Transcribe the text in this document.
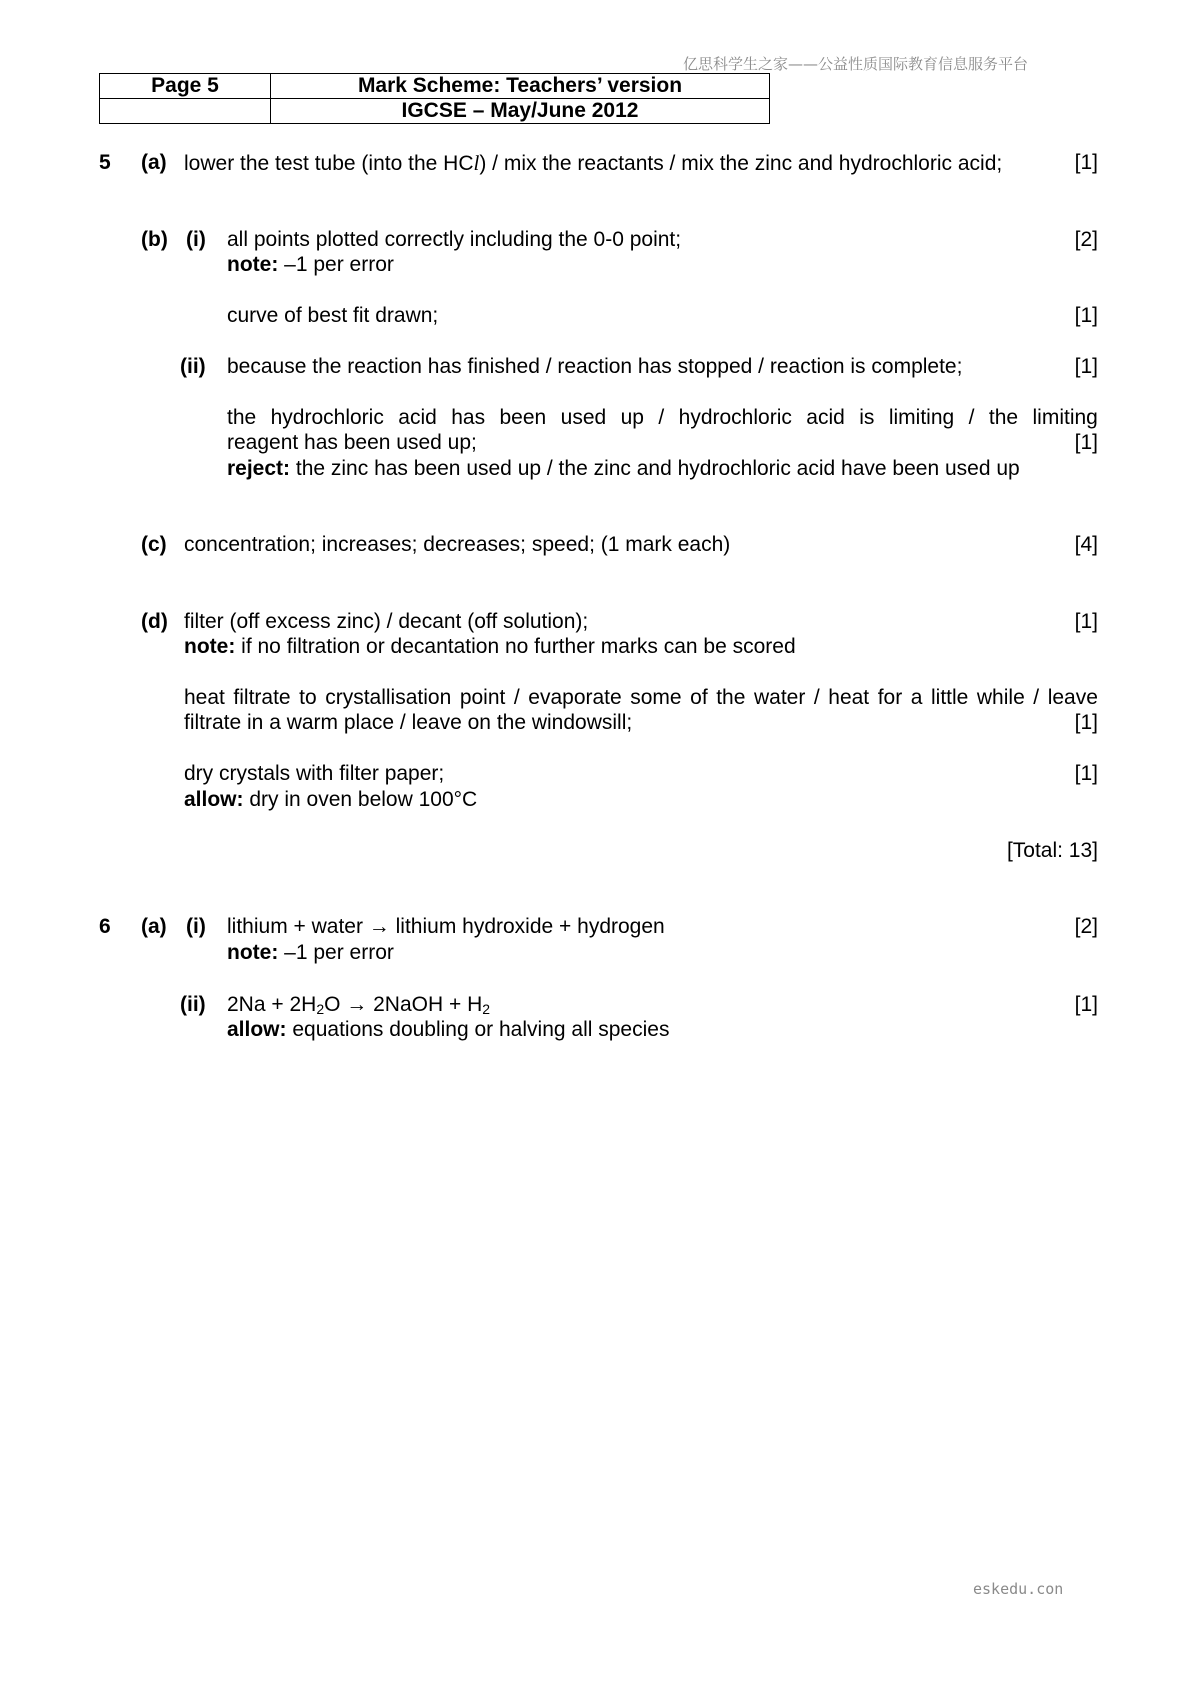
亿思科学生之家——公益性质国际教育信息服务平台
Page 5	Mark Scheme: Teachers’ version
	IGCSE – May/June 2012
5 (a) lower the test tube (into the HCl) / mix the reactants / mix the zinc and hydrochloric acid;	[1]
(b) (i) all points plotted correctly including the 0-0 point;	[2]
note: –1 per error
curve of best fit drawn;	[1]
(ii) because the reaction has finished / reaction has stopped / reaction is complete;	[1]
the hydrochloric acid has been used up / hydrochloric acid is limiting / the limiting
reagent has been used up;	[1]
reject: the zinc has been used up / the zinc and hydrochloric acid have been used up
(c) concentration; increases; decreases; speed; (1 mark each)	[4]
(d) filter (off excess zinc) / decant (off solution);	[1]
note: if no filtration or decantation no further marks can be scored
heat filtrate to crystallisation point / evaporate some of the water / heat for a little while / leave
filtrate in a warm place / leave on the windowsill;	[1]
dry crystals with filter paper;	[1]
allow: dry in oven below 100°C
[Total: 13]
6 (a) (i) lithium + water → lithium hydroxide + hydrogen	[2]
note: –1 per error
(ii) $2Na + 2H_2O$ → 2NaOH + $H_2$	[1]
allow: equations doubling or halving all species
eskedu.con
